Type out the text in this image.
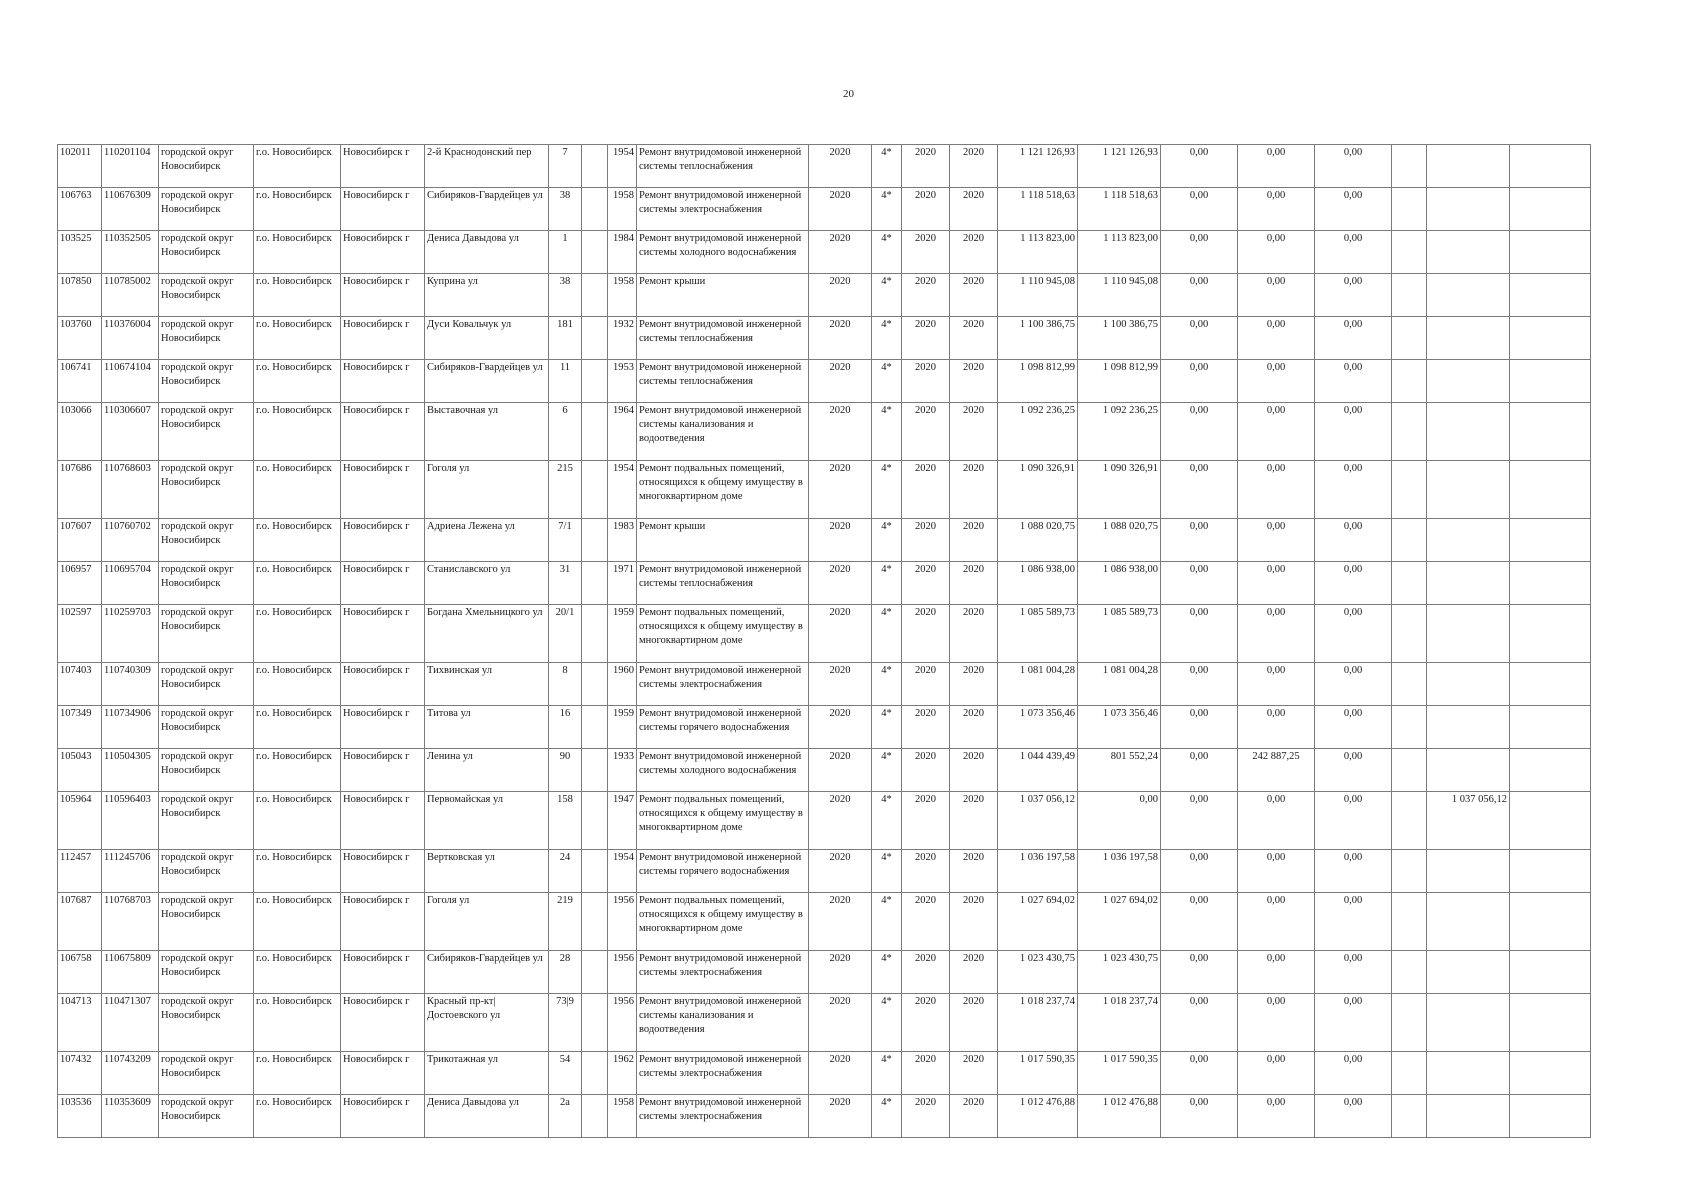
20
102011	110201104	городской округ Новосибирск	г.о. Новосибирск	Новосибирск г	2-й Краснодонский пер	7		1954	Ремонт внутридомовой инженерной системы теплоснабжения	2020	4*	2020	2020	1 121 126,93	1 121 126,93	0,00	0,00	0,00			
106763	110676309	городской округ Новосибирск	г.о. Новосибирск	Новосибирск г	Сибиряков-Гвардейцев ул	38		1958	Ремонт внутридомовой инженерной системы электроснабжения	2020	4*	2020	2020	1 118 518,63	1 118 518,63	0,00	0,00	0,00			
103525	110352505	городской округ Новосибирск	г.о. Новосибирск	Новосибирск г	Дениса Давыдова ул	1		1984	Ремонт внутридомовой инженерной системы холодного водоснабжения	2020	4*	2020	2020	1 113 823,00	1 113 823,00	0,00	0,00	0,00			
107850	110785002	городской округ Новосибирск	г.о. Новосибирск	Новосибирск г	Куприна ул	38		1958	Ремонт крыши	2020	4*	2020	2020	1 110 945,08	1 110 945,08	0,00	0,00	0,00			
103760	110376004	городской округ Новосибирск	г.о. Новосибирск	Новосибирск г	Дуси Ковальчук ул	181		1932	Ремонт внутридомовой инженерной системы теплоснабжения	2020	4*	2020	2020	1 100 386,75	1 100 386,75	0,00	0,00	0,00			
106741	110674104	городской округ Новосибирск	г.о. Новосибирск	Новосибирск г	Сибиряков-Гвардейцев ул	11		1953	Ремонт внутридомовой инженерной системы теплоснабжения	2020	4*	2020	2020	1 098 812,99	1 098 812,99	0,00	0,00	0,00			
103066	110306607	городской округ Новосибирск	г.о. Новосибирск	Новосибирск г	Выставочная ул	6		1964	Ремонт внутридомовой инженерной системы канализования и водоотведения	2020	4*	2020	2020	1 092 236,25	1 092 236,25	0,00	0,00	0,00			
107686	110768603	городской округ Новосибирск	г.о. Новосибирск	Новосибирск г	Гоголя ул	215		1954	Ремонт подвальных помещений, относящихся к общему имуществу в многоквартирном доме	2020	4*	2020	2020	1 090 326,91	1 090 326,91	0,00	0,00	0,00			
107607	110760702	городской округ Новосибирск	г.о. Новосибирск	Новосибирск г	Адриена Лежена ул	7/1		1983	Ремонт крыши	2020	4*	2020	2020	1 088 020,75	1 088 020,75	0,00	0,00	0,00			
106957	110695704	городской округ Новосибирск	г.о. Новосибирск	Новосибирск г	Станиславского ул	31		1971	Ремонт внутридомовой инженерной системы теплоснабжения	2020	4*	2020	2020	1 086 938,00	1 086 938,00	0,00	0,00	0,00			
102597	110259703	городской округ Новосибирск	г.о. Новосибирск	Новосибирск г	Богдана Хмельницкого ул	20/1		1959	Ремонт подвальных помещений, относящихся к общему имуществу в многоквартирном доме	2020	4*	2020	2020	1 085 589,73	1 085 589,73	0,00	0,00	0,00			
107403	110740309	городской округ Новосибирск	г.о. Новосибирск	Новосибирск г	Тихвинская ул	8		1960	Ремонт внутридомовой инженерной системы электроснабжения	2020	4*	2020	2020	1 081 004,28	1 081 004,28	0,00	0,00	0,00			
107349	110734906	городской округ Новосибирск	г.о. Новосибирск	Новосибирск г	Титова ул	16		1959	Ремонт внутридомовой инженерной системы горячего водоснабжения	2020	4*	2020	2020	1 073 356,46	1 073 356,46	0,00	0,00	0,00			
105043	110504305	городской округ Новосибирск	г.о. Новосибирск	Новосибирск г	Ленина ул	90		1933	Ремонт внутридомовой инженерной системы холодного водоснабжения	2020	4*	2020	2020	1 044 439,49	801 552,24	0,00	242 887,25	0,00			
105964	110596403	городской округ Новосибирск	г.о. Новосибирск	Новосибирск г	Первомайская ул	158		1947	Ремонт подвальных помещений, относящихся к общему имуществу в многоквартирном доме	2020	4*	2020	2020	1 037 056,12	0,00	0,00	0,00	0,00		1 037 056,12	
112457	111245706	городской округ Новосибирск	г.о. Новосибирск	Новосибирск г	Вертковская ул	24		1954	Ремонт внутридомовой инженерной системы горячего водоснабжения	2020	4*	2020	2020	1 036 197,58	1 036 197,58	0,00	0,00	0,00			
107687	110768703	городской округ Новосибирск	г.о. Новосибирск	Новосибирск г	Гоголя ул	219		1956	Ремонт подвальных помещений, относящихся к общему имуществу в многоквартирном доме	2020	4*	2020	2020	1 027 694,02	1 027 694,02	0,00	0,00	0,00			
106758	110675809	городской округ Новосибирск	г.о. Новосибирск	Новосибирск г	Сибиряков-Гвардейцев ул	28		1956	Ремонт внутридомовой инженерной системы электроснабжения	2020	4*	2020	2020	1 023 430,75	1 023 430,75	0,00	0,00	0,00			
104713	110471307	городской округ Новосибирск	г.о. Новосибирск	Новосибирск г	Красный пр-кт|Достоевского ул	73|9		1956	Ремонт внутридомовой инженерной системы канализования и водоотведения	2020	4*	2020	2020	1 018 237,74	1 018 237,74	0,00	0,00	0,00			
107432	110743209	городской округ Новосибирск	г.о. Новосибирск	Новосибирск г	Трикотажная ул	54		1962	Ремонт внутридомовой инженерной системы электроснабжения	2020	4*	2020	2020	1 017 590,35	1 017 590,35	0,00	0,00	0,00			
103536	110353609	городской округ Новосибирск	г.о. Новосибирск	Новосибирск г	Дениса Давыдова ул	2а		1958	Ремонт внутридомовой инженерной системы электроснабжения	2020	4*	2020	2020	1 012 476,88	1 012 476,88	0,00	0,00	0,00			
